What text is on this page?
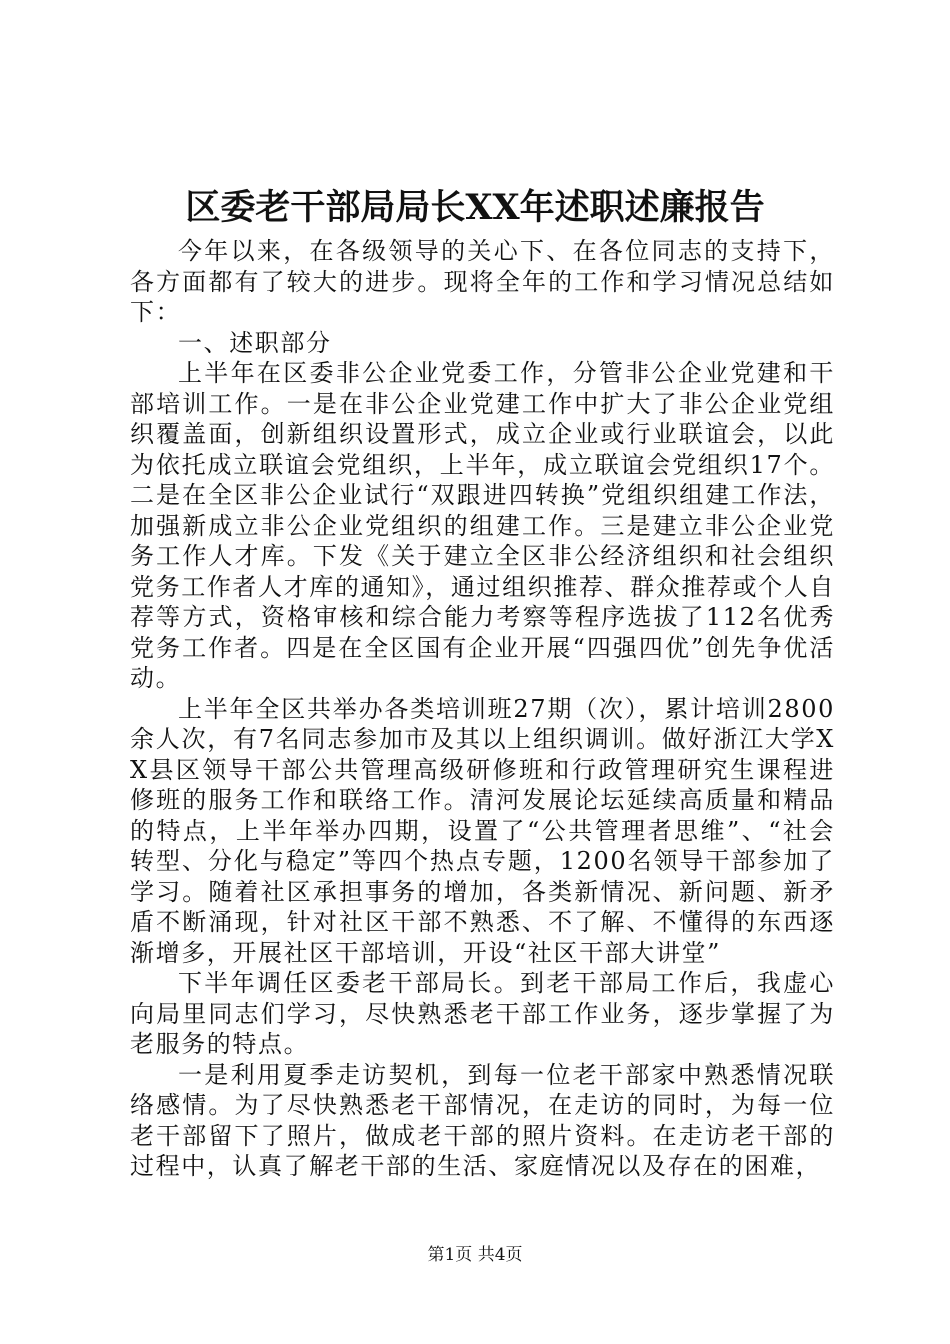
区委老干部局局长XX年述职述廉报告

今年以来，在各级领导的关心下、在各位同志的支持下，各方面都有了较大的进步。现将全年的工作和学习情况总结如下：

一、述职部分

上半年在区委非公企业党委工作，分管非公企业党建和干部培训工作。一是在非公企业党建工作中扩大了非公企业党组织覆盖面，创新组织设置形式，成立企业或行业联谊会，以此为依托成立联谊会党组织，上半年，成立联谊会党组织17个。二是在全区非公企业试行“双跟进四转换”党组织组建工作法，加强新成立非公企业党组织的组建工作。三是建立非公企业党务工作人才库。下发《关于建立全区非公经济组织和社会组织党务工作者人才库的通知》，通过组织推荐、群众推荐或个人自荐等方式，资格审核和综合能力考察等程序选拔了112名优秀党务工作者。四是在全区国有企业开展“四强四优”创先争优活动。

上半年全区共举办各类培训班27期（次），累计培训2800余人次，有7名同志参加市及其以上组织调训。做好浙江大学XX县区领导干部公共管理高级研修班和行政管理研究生课程进修班的服务工作和联络工作。清河发展论坛延续高质量和精品的特点，上半年举办四期，设置了“公共管理者思维”、“社会转型、分化与稳定”等四个热点专题，1200名领导干部参加了学习。随着社区承担事务的增加，各类新情况、新问题、新矛盾不断涌现，针对社区干部不熟悉、不了解、不懂得的东西逐渐增多，开展社区干部培训，开设“社区干部大讲堂”

下半年调任区委老干部局长。到老干部局工作后，我虚心向局里同志们学习，尽快熟悉老干部工作业务，逐步掌握了为老服务的特点。

一是利用夏季走访契机，到每一位老干部家中熟悉情况联络感情。为了尽快熟悉老干部情况，在走访的同时，为每一位老干部留下了照片，做成老干部的照片资料。在走访老干部的过程中，认真了解老干部的生活、家庭情况以及存在的困难，

第1页 共4页
